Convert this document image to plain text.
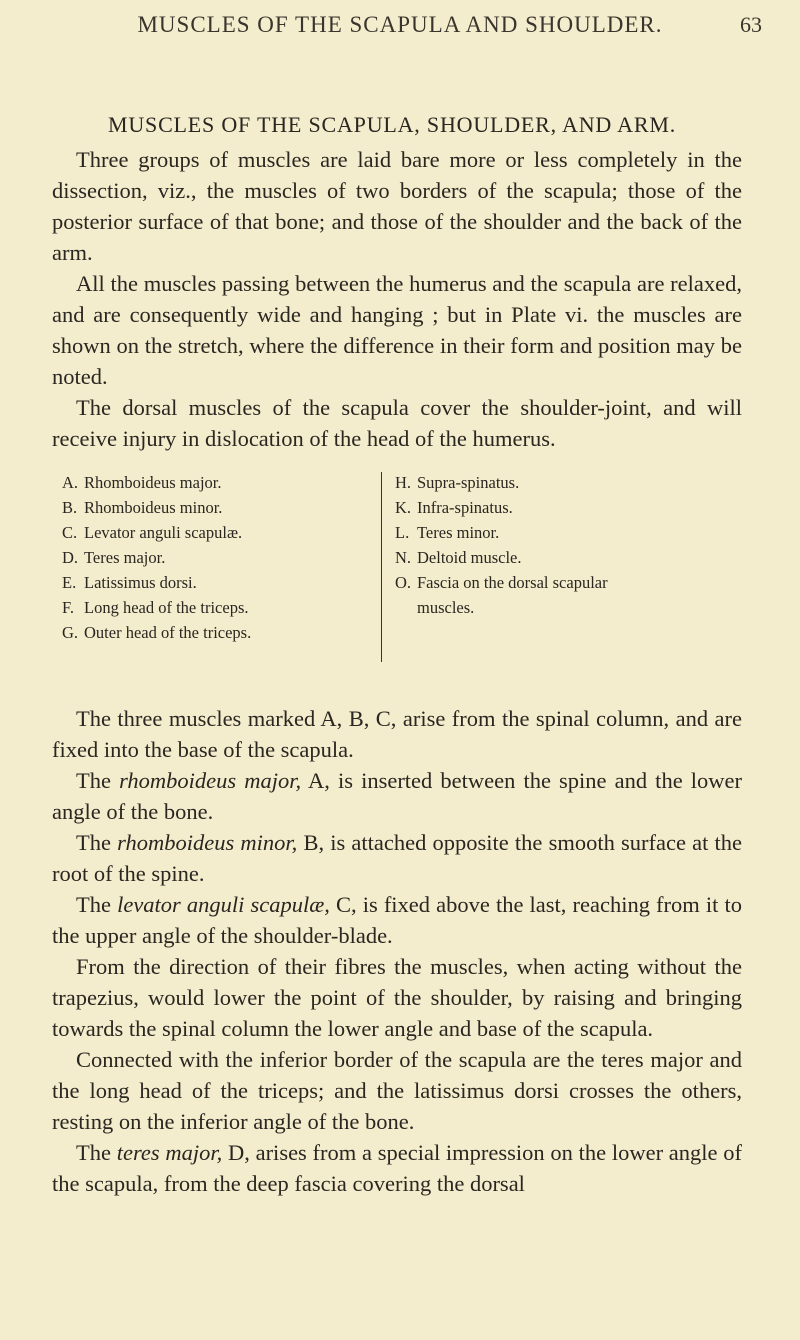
MUSCLES OF THE SCAPULA AND SHOULDER.	63
MUSCLES OF THE SCAPULA, SHOULDER, AND ARM.

Three groups of muscles are laid bare more or less completely in the dissection, viz., the muscles of two borders of the scapula; those of the posterior surface of that bone; and those of the shoulder and the back of the arm.

All the muscles passing between the humerus and the scapula are relaxed, and are consequently wide and hanging ; but in Plate vi. the muscles are shown on the stretch, where the difference in their form and position may be noted.

The dorsal muscles of the scapula cover the shoulder-joint, and will receive injury in dislocation of the head of the humerus.

A. Rhomboideus major.
B. Rhomboideus minor.
C. Levator anguli scapulæ.
D. Teres major.
E. Latissimus dorsi.
F. Long head of the triceps.
G. Outer head of the triceps.
H. Supra-spinatus.
K. Infra-spinatus.
L. Teres minor.
N. Deltoid muscle.
O. Fascia on the dorsal scapular
muscles.

The three muscles marked A, B, C, arise from the spinal column, and are fixed into the base of the scapula.

The rhomboideus major, A, is inserted between the spine and the lower angle of the bone.

The rhomboideus minor, B, is attached opposite the smooth surface at the root of the spine.

The levator anguli scapulæ, C, is fixed above the last, reaching from it to the upper angle of the shoulder-blade.

From the direction of their fibres the muscles, when acting without the trapezius, would lower the point of the shoulder, by raising and bringing towards the spinal column the lower angle and base of the scapula.

Connected with the inferior border of the scapula are the teres major and the long head of the triceps; and the latissimus dorsi crosses the others, resting on the inferior angle of the bone.

The teres major, D, arises from a special impression on the lower angle of the scapula, from the deep fascia covering the dorsal
